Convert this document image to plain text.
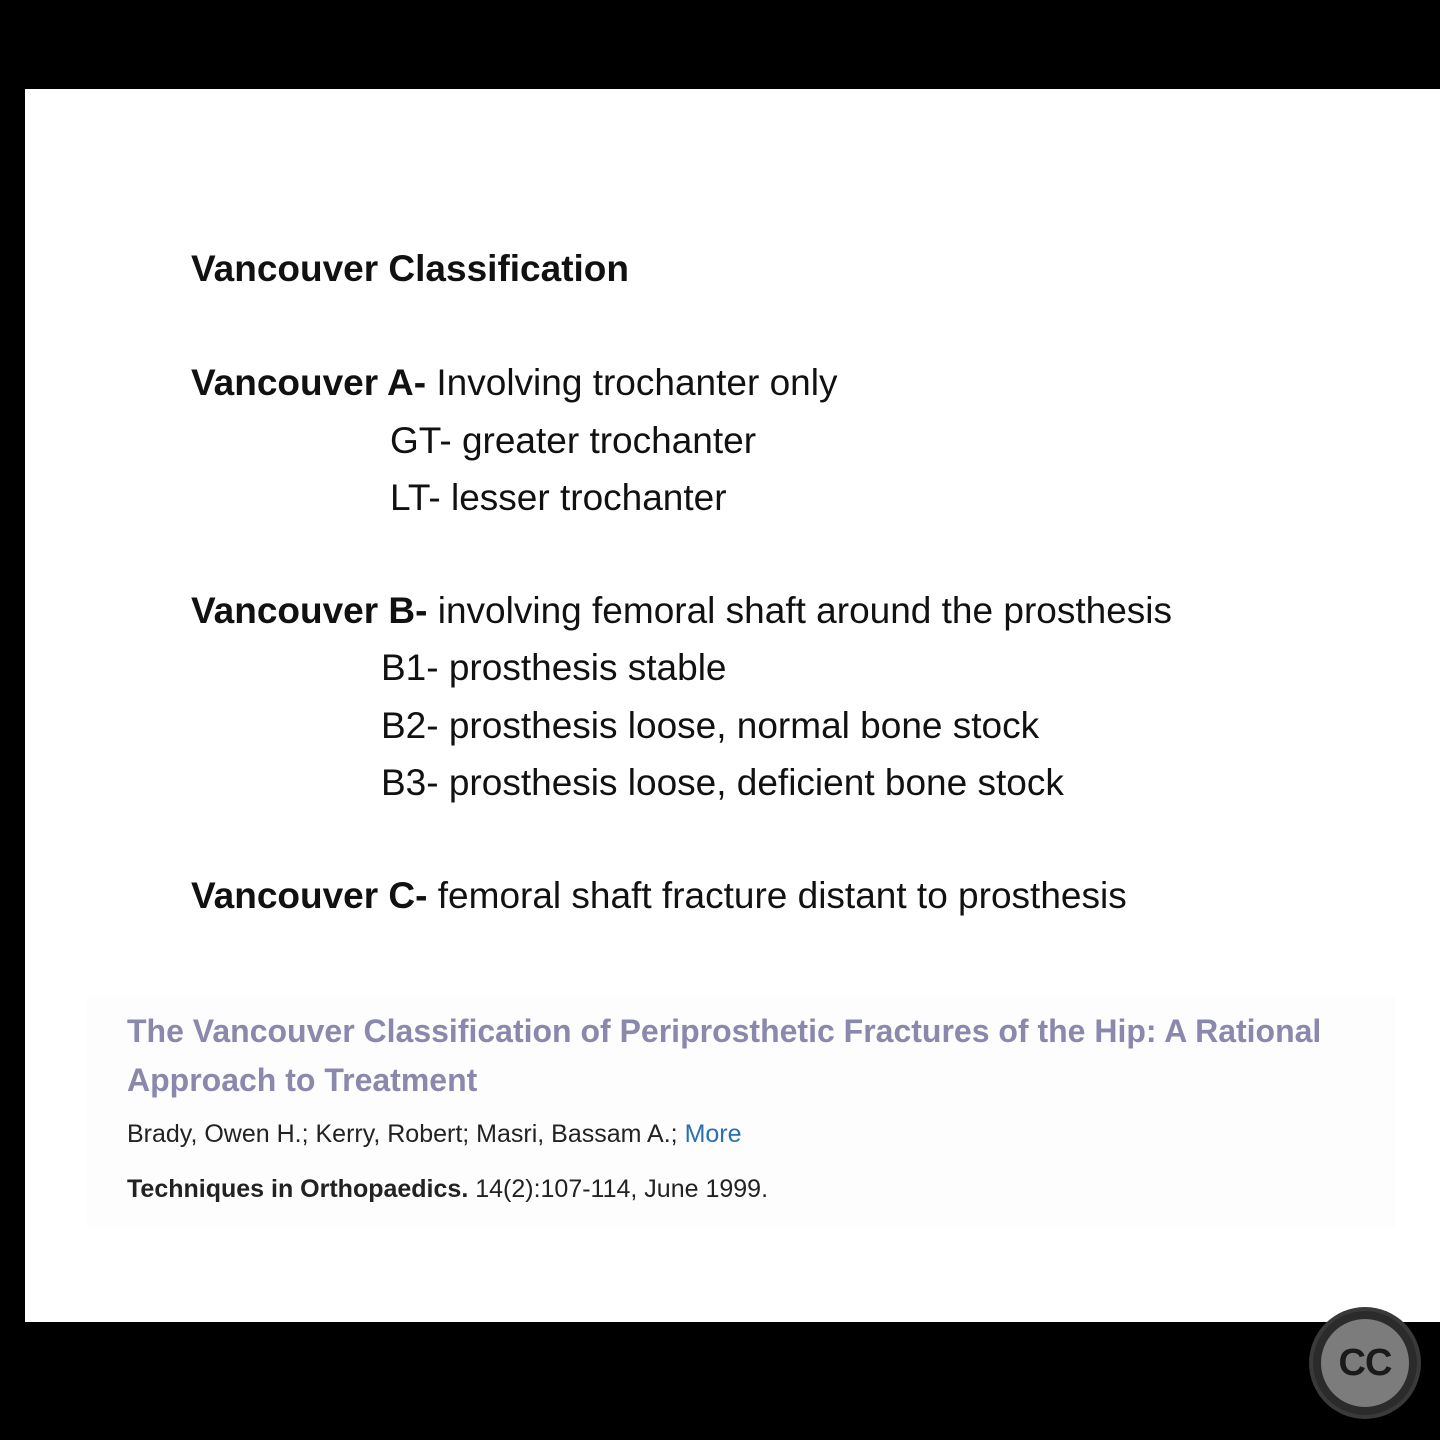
Vancouver Classification
Vancouver A- Involving trochanter only
GT- greater trochanter
LT- lesser trochanter
Vancouver B- involving femoral shaft around the prosthesis
B1- prosthesis stable
B2- prosthesis loose, normal bone stock
B3- prosthesis loose, deficient bone stock
Vancouver C- femoral shaft fracture distant to prosthesis
The Vancouver Classification of Periprosthetic Fractures of the Hip: A Rational Approach to Treatment
Brady, Owen H.; Kerry, Robert; Masri, Bassam A.; More
Techniques in Orthopaedics. 14(2):107-114, June 1999.
CC
